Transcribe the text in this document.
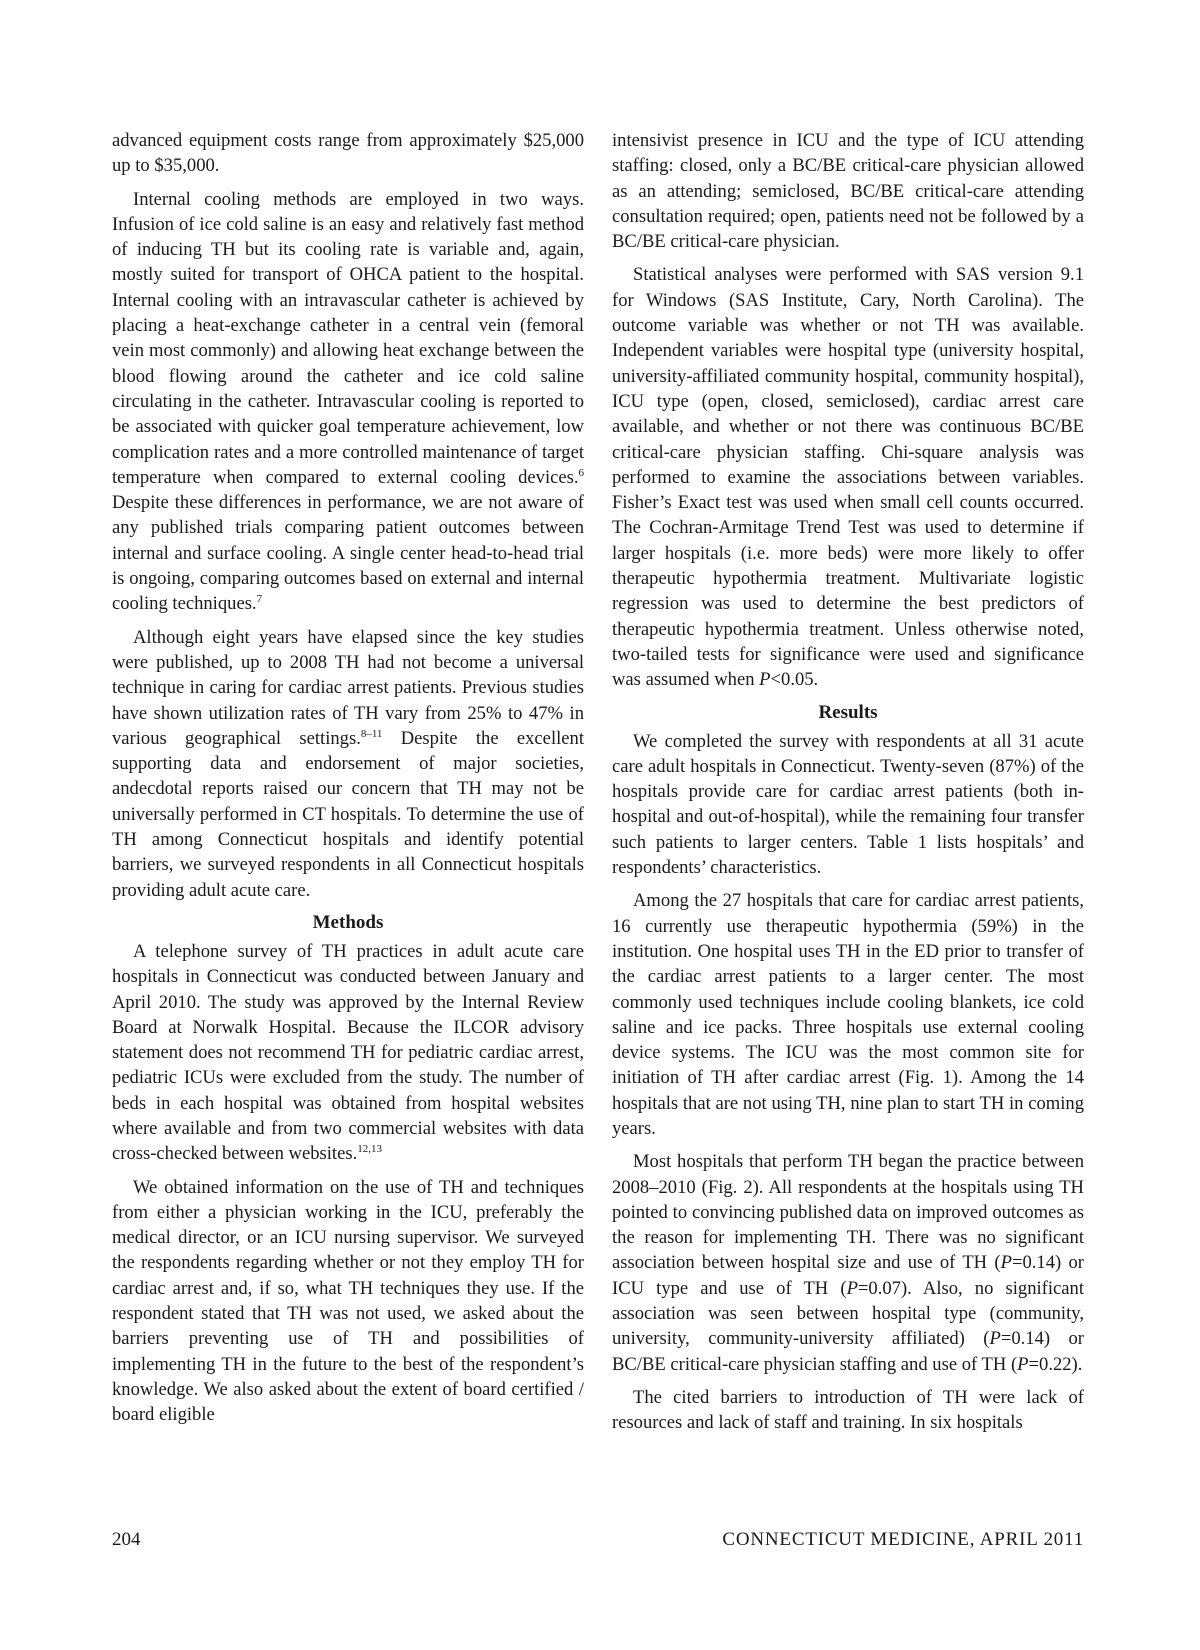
advanced equipment costs range from approximately $25,000 up to $35,000.

Internal cooling methods are employed in two ways. Infusion of ice cold saline is an easy and relatively fast method of inducing TH but its cooling rate is variable and, again, mostly suited for transport of OHCA patient to the hospital. Internal cooling with an intravascular catheter is achieved by placing a heat-exchange catheter in a central vein (femoral vein most commonly) and allowing heat exchange between the blood flowing around the catheter and ice cold saline circulating in the catheter. Intravascular cooling is reported to be associated with quicker goal temperature achievement, low complication rates and a more controlled maintenance of target temperature when compared to external cooling devices.$^6$ Despite these differences in performance, we are not aware of any published trials comparing patient outcomes between internal and surface cooling. A single center head-to-head trial is ongoing, comparing outcomes based on external and internal cooling techniques.$^7$

Although eight years have elapsed since the key studies were published, up to 2008 TH had not become a universal technique in caring for cardiac arrest patients. Previous studies have shown utilization rates of TH vary from 25% to 47% in various geographical settings.$^{8-11}$ Despite the excellent supporting data and endorsement of major societies, andecdotal reports raised our concern that TH may not be universally performed in CT hospitals. To determine the use of TH among Connecticut hospitals and identify potential barriers, we surveyed respondents in all Connecticut hospitals providing adult acute care.

Methods

A telephone survey of TH practices in adult acute care hospitals in Connecticut was conducted between January and April 2010. The study was approved by the Internal Review Board at Norwalk Hospital. Because the ILCOR advisory statement does not recommend TH for pediatric cardiac arrest, pediatric ICUs were excluded from the study. The number of beds in each hospital was obtained from hospital websites where available and from two commercial websites with data cross-checked between websites.$^{12,13}$

We obtained information on the use of TH and techniques from either a physician working in the ICU, preferably the medical director, or an ICU nursing supervisor. We surveyed the respondents regarding whether or not they employ TH for cardiac arrest and, if so, what TH techniques they use. If the respondent stated that TH was not used, we asked about the barriers preventing use of TH and possibilities of implementing TH in the future to the best of the respondent’s knowledge. We also asked about the extent of board certified / board eligible

intensivist presence in ICU and the type of ICU attending staffing: closed, only a BC/BE critical-care physician allowed as an attending; semiclosed, BC/BE critical-care attending consultation required; open, patients need not be followed by a BC/BE critical-care physician.

Statistical analyses were performed with SAS version 9.1 for Windows (SAS Institute, Cary, North Carolina). The outcome variable was whether or not TH was available. Independent variables were hospital type (university hospital, university-affiliated community hospital, community hospital), ICU type (open, closed, semiclosed), cardiac arrest care available, and whether or not there was continuous BC/BE critical-care physician staffing. Chi-square analysis was performed to examine the associations between variables. Fisher’s Exact test was used when small cell counts occurred. The Cochran-Armitage Trend Test was used to determine if larger hospitals (i.e. more beds) were more likely to offer therapeutic hypothermia treatment. Multivariate logistic regression was used to determine the best predictors of therapeutic hypothermia treatment. Unless otherwise noted, two-tailed tests for significance were used and significance was assumed when P<0.05.

Results

We completed the survey with respondents at all 31 acute care adult hospitals in Connecticut. Twenty-seven (87%) of the hospitals provide care for cardiac arrest patients (both in-hospital and out-of-hospital), while the remaining four transfer such patients to larger centers. Table 1 lists hospitals’ and respondents’ characteristics.

Among the 27 hospitals that care for cardiac arrest patients, 16 currently use therapeutic hypothermia (59%) in the institution. One hospital uses TH in the ED prior to transfer of the cardiac arrest patients to a larger center. The most commonly used techniques include cooling blankets, ice cold saline and ice packs. Three hospitals use external cooling device systems. The ICU was the most common site for initiation of TH after cardiac arrest (Fig. 1). Among the 14 hospitals that are not using TH, nine plan to start TH in coming years.

Most hospitals that perform TH began the practice between 2008–2010 (Fig. 2). All respondents at the hospitals using TH pointed to convincing published data on improved outcomes as the reason for implementing TH. There was no significant association between hospital size and use of TH (P=0.14) or ICU type and use of TH (P=0.07). Also, no significant association was seen between hospital type (community, university, community-university affiliated) (P=0.14) or BC/BE critical-care physician staffing and use of TH (P=0.22).

The cited barriers to introduction of TH were lack of resources and lack of staff and training. In six hospitals

204	CONNECTICUT MEDICINE, APRIL 2011
